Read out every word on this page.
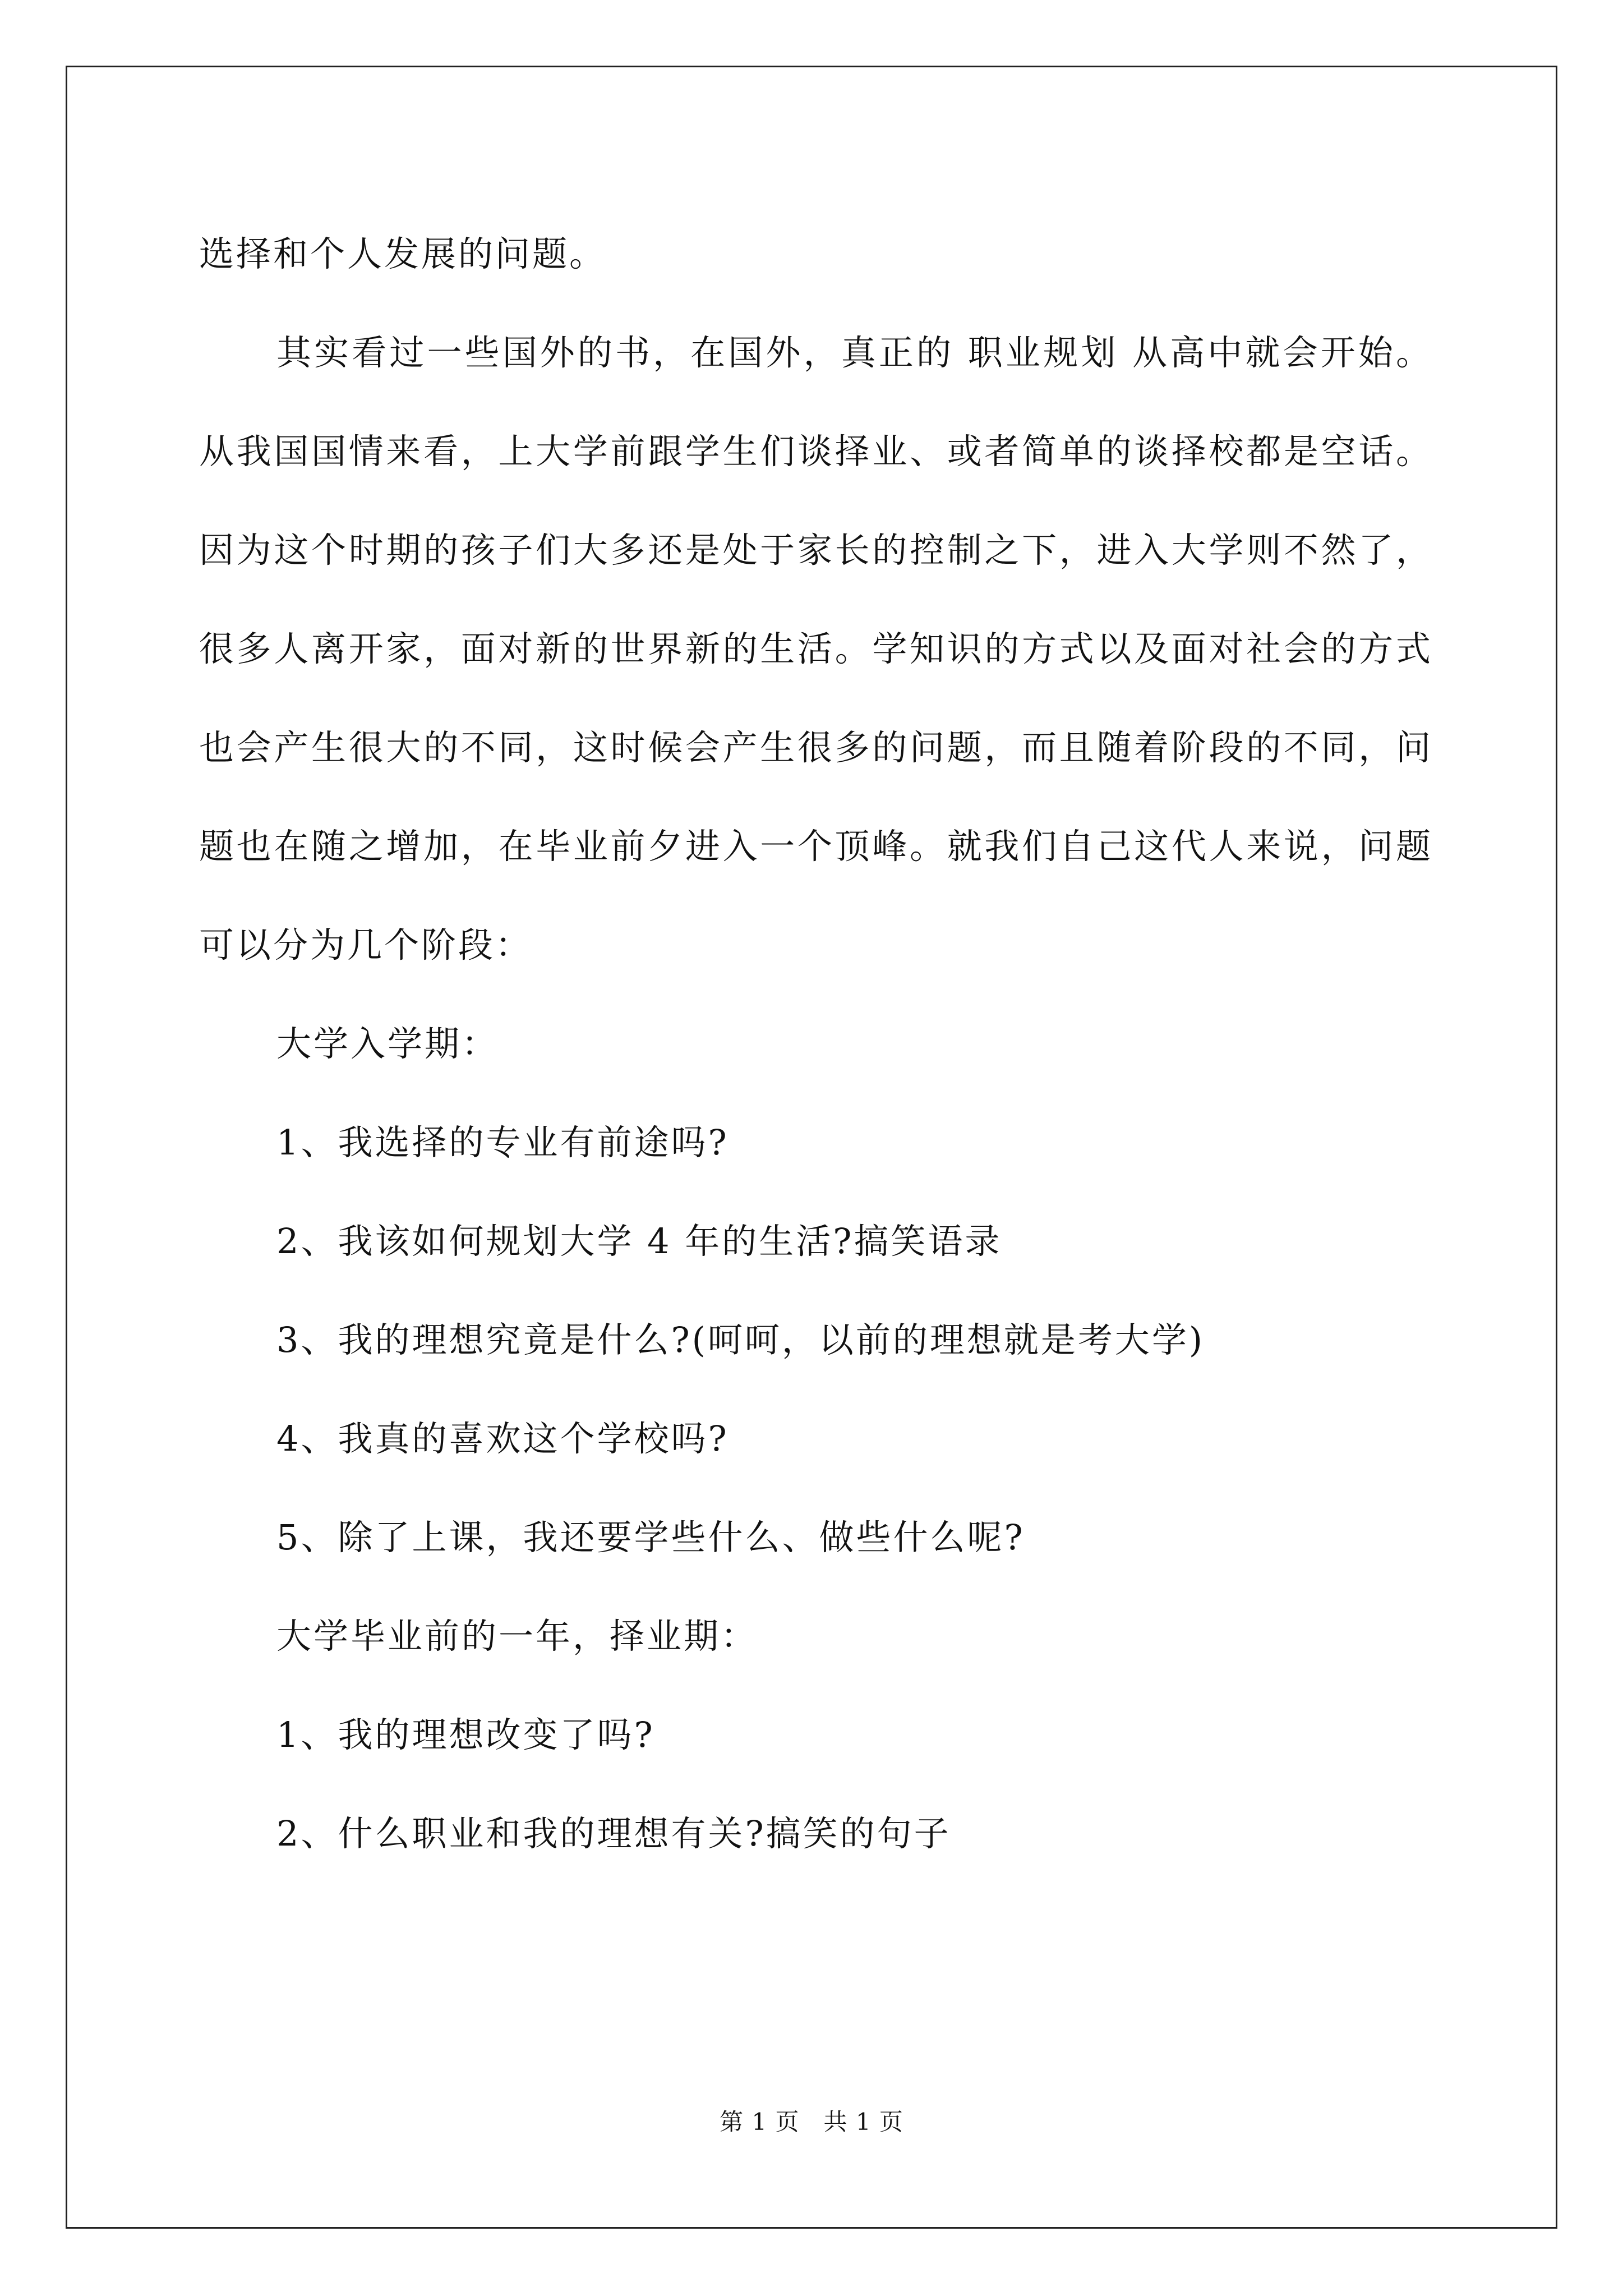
选择和个人发展的问题。

其实看过一些国外的书，在国外，真正的 职业规划 从高中就会开始。从我国国情来看，上大学前跟学生们谈择业、或者简单的谈择校都是空话。因为这个时期的孩子们大多还是处于家长的控制之下，进入大学则不然了，很多人离开家，面对新的世界新的生活。学知识的方式以及面对社会的方式也会产生很大的不同，这时候会产生很多的问题，而且随着阶段的不同，问题也在随之增加，在毕业前夕进入一个顶峰。就我们自己这代人来说，问题可以分为几个阶段：

大学入学期：

1、我选择的专业有前途吗?

2、我该如何规划大学 4 年的生活?搞笑语录

3、我的理想究竟是什么?(呵呵，以前的理想就是考大学)

4、我真的喜欢这个学校吗?

5、除了上课，我还要学些什么、做些什么呢?

大学毕业前的一年，择业期：

1、我的理想改变了吗?

2、什么职业和我的理想有关?搞笑的句子

第 1 页　共 1 页
